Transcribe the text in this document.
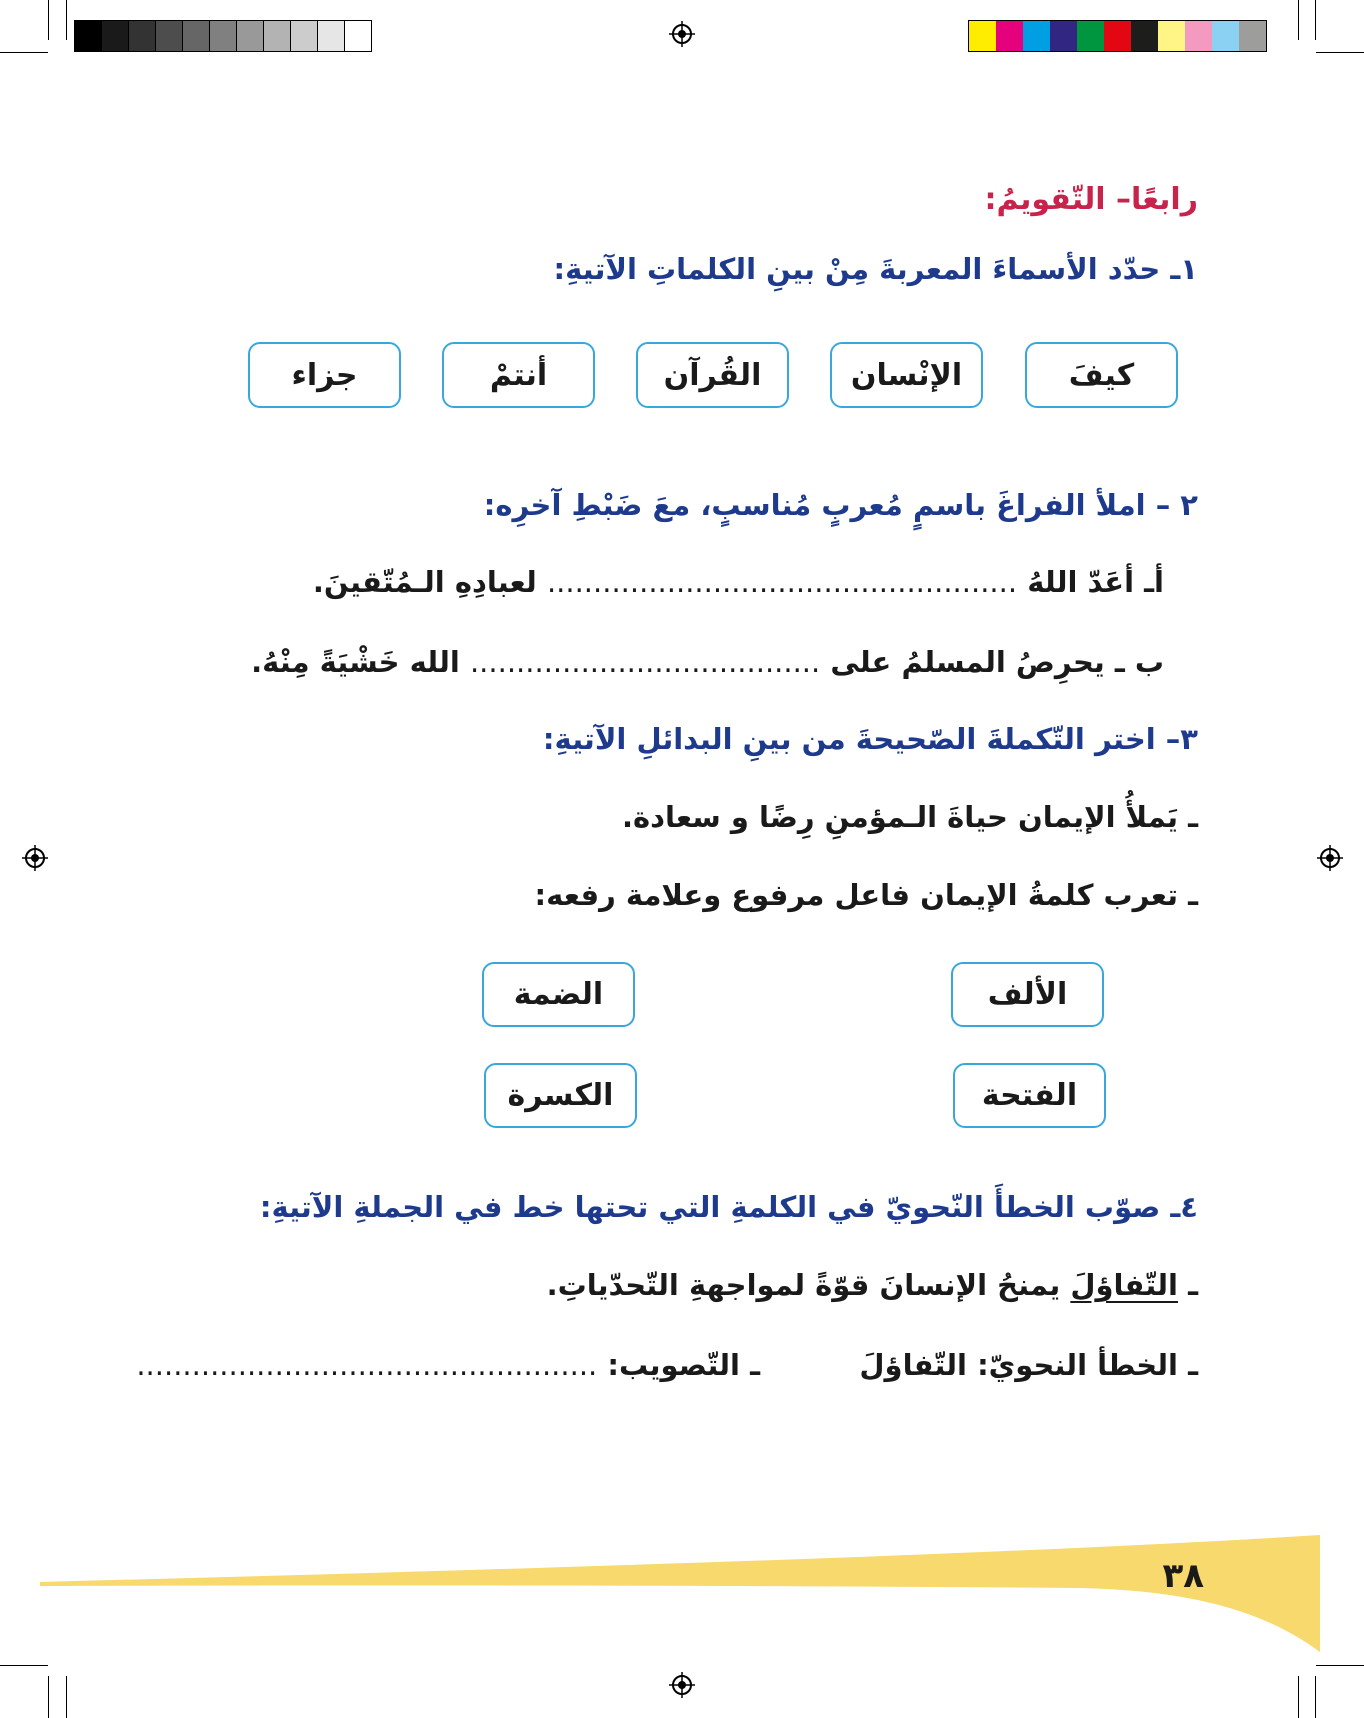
رابعًا– التّقويمُ:
١ـ حدّد الأسماءَ المعربةَ مِنْ بينِ الكلماتِ الآتيةِ:
كيفَ
الإنْسان
القُرآن
أنتمْ
جزاء
٢ – املأ الفراغَ باسمٍ مُعربٍ مُناسبٍ، معَ ضَبْطِ آخرِه:
أـ أعَدّ اللهُ ................................................... لعبادِهِ الـمُتّقينَ.
ب ـ يحرِصُ المسلمُ على ...................................... الله خَشْيَةً مِنْهُ.
٣– اختر التّكملةَ الصّحيحةَ من بينِ البدائلِ الآتيةِ:
ـ يَملأُ الإيمان حياةَ الـمؤمنِ رِضًا و سعادة.
ـ تعرب كلمةُ الإيمان فاعل مرفوع وعلامة رفعه:
الألف
الضمة
الفتحة
الكسرة
٤ـ صوّب الخطأَ النّحويّ في الكلمةِ التي تحتها خط في الجملةِ الآتيةِ:
ـ التّفاؤلَ يمنحُ الإنسانَ قوّةً لمواجهةِ التّحدّياتِ.
ـ الخطأ النحويّ: التّفاؤلَ
ـ التّصويب: ..................................................
٣٨
